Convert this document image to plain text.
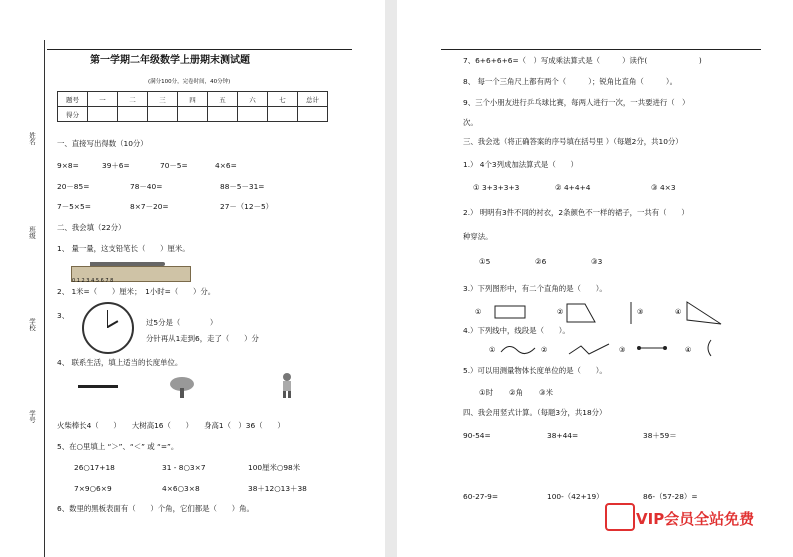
姓名
班级
学校
学号
第一学期二年级数学上册期末测试题
(满分100分，完卷时间，40分钟)
题号	一	二	三	四	五	六	七	总计
得分								
一、直接写出得数（10分）
9×8=	39＋6=	70－5=	4×6=
20－85=	78－40=	88－5－31=
7－5×5=	8×7－20=	27－（12－5）
二、我会填（22分）
1、 量一量，这支铅笔长（　　）厘米。
0 1 2 3 4 5 6 7 8
2、 1米=（　　）厘米；　1小时=（　　）分。
3、
过5分是（　　　　）
分针再从1走到6，走了（　　）分
4、 联系生活，填上适当的长度单位。
火柴棒长4（　　）　　大树高16（　　）　　身高1（　）36（　　）
5、在○里填上 “＞”、“＜” 或 “=”。
26○17+18	31 - 8○3×7	100厘米○98米
7×9○6×9	4×6○3×8	38＋12○13＋38
6、数里的黑板表面有（　　）个角，它们都是（　　）角。
7、6+6+6+6=（　）写成乘法算式是（　　　）读作(　　　　　　　)
8、 每一个三角尺上都有两个（　　　）；锐角比直角（　　　）。
9、三个小朋友进行乒乓球比赛，每两人进行一次，一共要进行（　）
次。
三、我会选（将正确答案的序号填在括号里 ）（每题2分，共10分）
1.） 4个3列成加法算式是（　　）
① 3+3+3+3	② 4+4+4	③ 4×3
2.） 明明有3件不同的衬衣，2条颜色不一样的裙子，一共有（　　）
种穿法。
①5	②6	③3
3.）下列图形中，有二个直角的是（　　）。
①	②	③	④
4.）下列线中，线段是（　　）。
①	②	③	④
5.）可以用测量物体长度单位的是（　　）。
①时 ②角 ③米
四、我会用竖式计算。（每题3分，共18分）
90-54=	38+44=	38＋59＝
60-27-9=	100-（42+19）	86-（57-28）=
VIP会员全站免费
